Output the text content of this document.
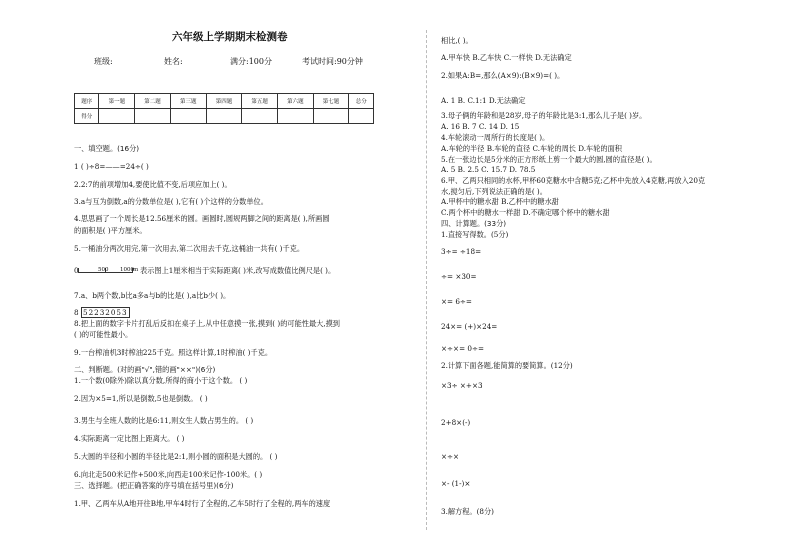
六年级上学期期末检测卷
班级:	姓名:	满分:100分	考试时间:90分钟
题序	第一题	第二题	第三题	第四题	第五题	第六题	第七题	总分
得分								
一、填空题。(16分)
1 ( )÷8=——=24÷( )
2.2:7的前项增加4,要使比值不变,后项应加上( )。
3.a与互为倒数,a的分数单位是( ),它有( )个这样的分数单位。
4.思思画了一个周长是12.56厘米的圆。画圆时,圆规两脚之间的距离是( ),所画圆
的面积是( )平方厘米。
5.一桶油分两次用完,第一次用去,第二次用去千克,这桶油一共有( )千克。
0	500 1000 m 表示图上1厘米相当于实际距离( )米,改写成数值比例尺是( )。
7.a、b两个数,b比a多a与b的比是( ),a比b少( )。
8 52232053
8.把上面的数字卡片打乱后反扣在桌子上,从中任意摸一张,摸到( )的可能性最大,摸到
( )的可能性最小。
9.一台榨油机3时榨油225千克。照这样计算,1时榨油( )千克。
二、判断题。(对的画"√",错的画"××")(6分)
1.一个数(0除外)除以真分数,所得的商小于这个数。 ( )
2.因为×5=1,所以是倒数,5也是倒数。 ( )
3.男生与全班人数的比是6:11,则女生人数占男生的。 ( )
4.实际距离一定比图上距离大。 ( )
5.大圆的半径和小圆的半径比是2:1,则小圆的面积是大圆的。 ( )
6.向北走500米记作+500米,向西走100米记作-100米。( )
三、选择题。(把正确答案的序号填在括号里)(6分)
1.甲、乙两车从A地开往B地,甲车4时行了全程的,乙车5时行了全程的,两车的速度
相比,( )。
A.甲车快 B.乙车快 C.一样快 D.无法确定
2.如果A:B=,那么(A×9):(B×9)=( )。
A. 1 B. C.1:1 D.无法确定
3.母子俩的年龄和是28岁,母子的年龄比是3:1,那么儿子是( )岁。
A. 16 B. 7 C. 14 D. 15
4.车轮滚动一周所行的长度是( )。
A.车轮的半径 B.车轮的直径 C.车轮的周长 D.车轮的面积
5.在一张边长是5分米的正方形纸上剪一个最大的圆,圆的直径是( )。
A. 5 B. 2.5 C. 15.7 D. 78.5
6.甲、乙两只相同的水杯,甲杯60克糖水中含糖5克;乙杯中先放入4克糖,再放入20克
水,搅匀后,下列说法正确的是( )。
A.甲杯中的糖水甜 B.乙杯中的糖水甜
C.两个杯中的糖水一样甜 D.不确定哪个杯中的糖水甜
四、计算题。(33分)
1.直接写得数。(5分)
3÷= ÷18=
÷= ×30=
×= 6÷=
24×= (+)×24=
×÷×= 0÷=
2.计算下面各题,能简算的要简算。(12分)
×3÷ ×+×3
2+8×(-)
×÷×
×- (1-)×
3.解方程。(8分)
